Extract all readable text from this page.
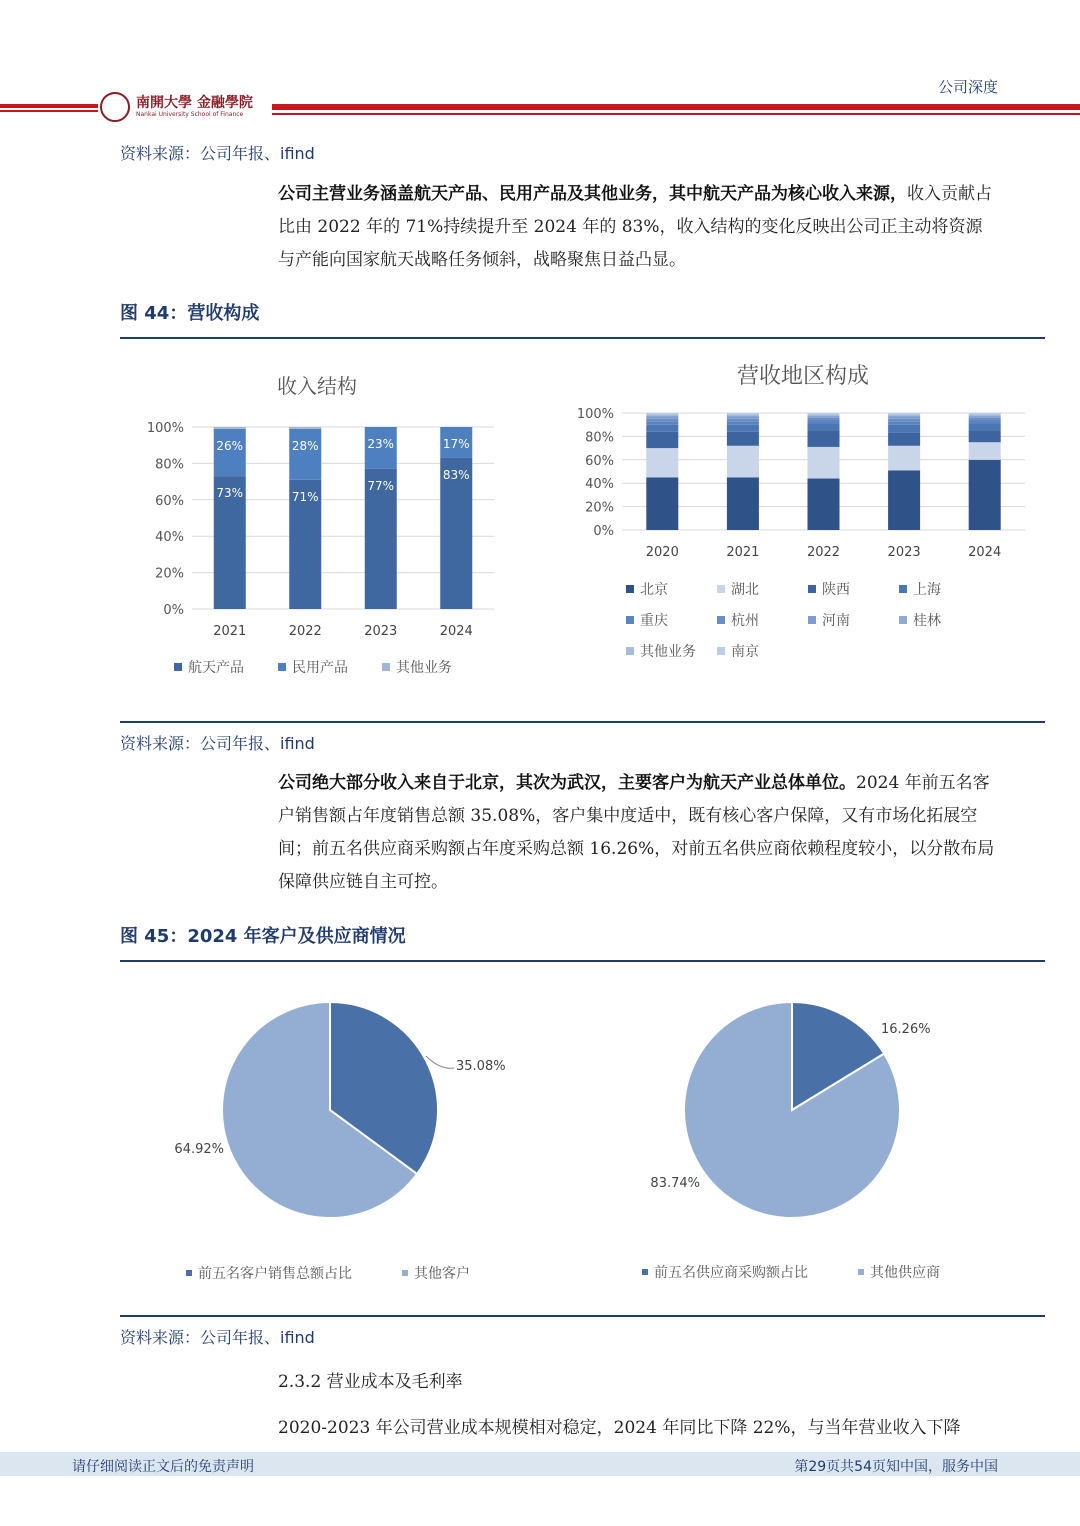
公司深度
南開大學 金融學院
Nankai University School of Finance
资料来源：公司年报、ifind

公司主营业务涵盖航天产品、民用产品及其他业务，其中航天产品为核心收入来源，收入贡献占比由 2022 年的 71%持续提升至 2024 年的 83%，收入结构的变化反映出公司正主动将资源与产能向国家航天战略任务倾斜，战略聚焦日益凸显。

图 44：营收构成
收入结构
0%
20%
40%
60%
80%
100%
73%
26%
2021
71%
28%
2022
77%
23%
2023
83%
17%
2024
航天产品	民用产品	其他业务
营收地区构成
0%
20%
40%
60%
80%
100%
2020	2021	2022	2023	2024
北京	湖北	陕西	上海
重庆	杭州	河南	桂林
其他业务	南京
资料来源：公司年报、ifind

公司绝大部分收入来自于北京，其次为武汉，主要客户为航天产业总体单位。2024 年前五名客户销售额占年度销售总额 35.08%，客户集中度适中，既有核心客户保障，又有市场化拓展空间；前五名供应商采购额占年度采购总额 16.26%，对前五名供应商依赖程度较小，以分散布局保障供应链自主可控。

图 45：2024 年客户及供应商情况
35.08%
64.92%
前五名客户销售总额占比	其他客户
16.26%
83.74%
前五名供应商采购额占比	其他供应商
资料来源：公司年报、ifind
2.3.2 营业成本及毛利率
2020-2023 年公司营业成本规模相对稳定，2024 年同比下降 22%，与当年营业收入下降
请仔细阅读正文后的免责声明	第29页共54页知中国，服务中国
